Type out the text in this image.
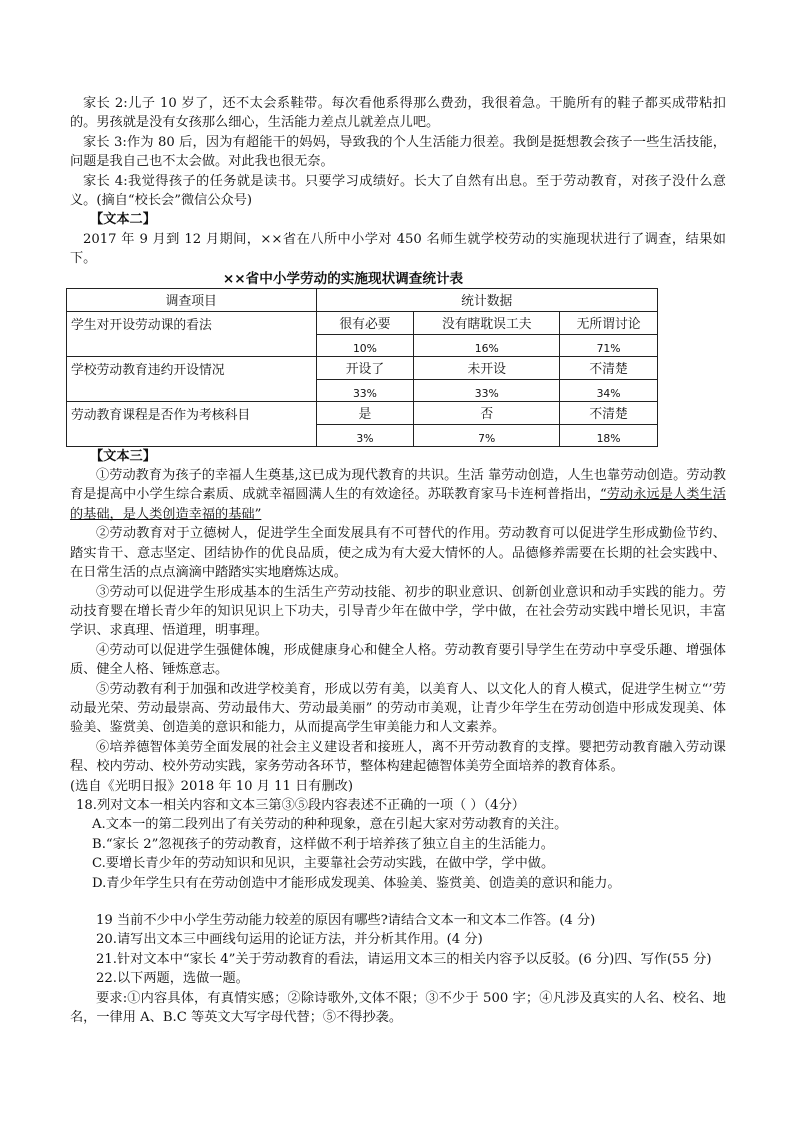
家长 2:儿子 10 岁了，还不太会系鞋带。每次看他系得那么费劲，我很着急。干脆所有的鞋子都买成带粘扣的。男孩就是没有女孩那么细心，生活能力差点儿就差点儿吧。

家长 3:作为 80 后，因为有超能干的妈妈，导致我的个人生活能力很差。我倒是挺想教会孩子一些生活技能，问题是我自己也不太会做。对此我也很无奈。

家长 4:我觉得孩子的任务就是读书。只要学习成绩好。长大了自然有出息。至于劳动教育，对孩子没什么意义。(摘自“校长会”微信公众号)

【文本二】

2017 年 9 月到 12 月期间，××省在八所中小学对 450 名师生就学校劳动的实施现状进行了调查，结果如下。

××省中小学劳动的实施现状调查统计表
调查项目	统计数据		
学生对开设劳动课的看法	很有必要	没有瞎耽误工夫	无所谓讨论
	10%	16%	71%
学校劳动教育违约开设情况	开设了	未开设	不清楚
	33%	33%	34%
劳动教育课程是否作为考核科目	是	否	不清楚
	3%	7%	18%

【文本三】

①劳动教育为孩子的幸福人生奠基,这已成为现代教育的共识。生活 靠劳动创造，人生也靠劳动创造。劳动教育是提高中小学生综合素质、成就幸福圆满人生的有效途径。苏联教育家马卡连柯普指出，“劳动永远是人类生活的基础，是人类创造幸福的基础”

②劳动教育对于立德树人，促进学生全面发展具有不可替代的作用。劳动教育可以促进学生形成勤俭节约、踏实肯干、意志坚定、团结协作的优良品质，使之成为有大爱大情怀的人。品德修养需要在长期的社会实践中、在日常生活的点点滴滴中踏踏实实地磨炼达成。

③劳动可以促进学生形成基本的生活生产劳动技能、初步的职业意识、创新创业意识和动手实践的能力。劳动技育婴在增长青少年的知识见识上下功夫，引导青少年在做中学，学中做，在社会劳动实践中增长见识，丰富学识、求真理、悟道理，明事理。

④劳动可以促进学生强健体魄，形成健康身心和健全人格。劳动教育要引导学生在劳动中享受乐趣、增强体质、健全人格、锤炼意志。

⑤劳动教有利于加强和改进学校美育，形成以劳有美，以美育人、以文化人的育人模式，促进学生树立“’劳动最光荣、劳动最崇高、劳动最伟大、劳动最美丽” 的劳动市美观，让青少年学生在劳动创造中形成发现美、体验美、鉴赏美、创造美的意识和能力，从而提高学生审美能力和人文素养。

⑥培养德智体美劳全面发展的社会主义建设者和接班人，离不开劳动教育的支撑。婴把劳动教育融入劳动课程、校内劳动、校外劳动实践，家务劳动各环节，整体构建起德智体美劳全面培养的教育体系。

(选自《光明日报》2018 年 10 月 11 日有删改)

18.列对文本一相关内容和文本三第③⑤段内容表述不正确的一项（ ）（4分）

A.文本一的第二段列出了有关劳动的种种现象，意在引起大家对劳动教育的关注。

B.“家长 2”忽视孩子的劳动教育，这样做不利于培养孩了独立自主的生活能力。

C.要增长青少年的劳动知识和见识，主要靠社会劳动实践，在做中学，学中做。

D.青少年学生只有在劳动创造中才能形成发现美、体验美、鉴赏美、创造美的意识和能力。

19 当前不少中小学生劳动能力较差的原因有哪些?请结合文本一和文本二作答。(4 分)

20.请写出文本三中画线句运用的论证方法，并分析其作用。(4 分)

21.针对文本中“家长 4”关于劳动教育的看法，请运用文本三的相关内容予以反驳。(6 分)四、写作(55 分)

22.以下两题，选做一题。

要求:①内容具体，有真情实感；②除诗歌外,文体不限；③不少于 500 字；④凡涉及真实的人名、校名、地名，一律用 A、B.C 等英文大写字母代替；⑤不得抄袭。
